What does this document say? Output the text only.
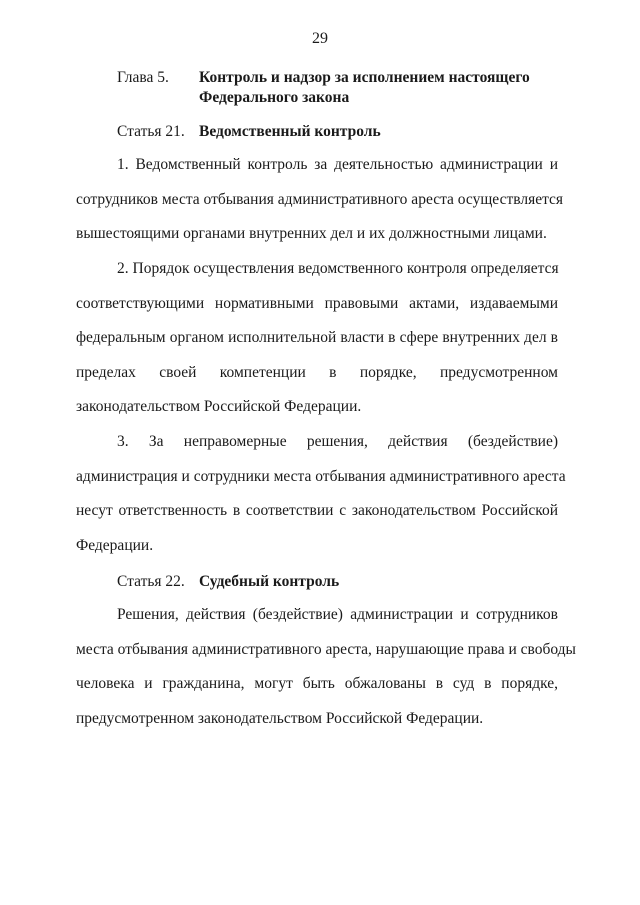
29
Глава 5. Контроль и надзор за исполнением настоящего Федерального закона
Статья 21. Ведомственный контроль
1. Ведомственный контроль за деятельностью администрации и
сотрудников места отбывания административного ареста осуществляется
вышестоящими органами внутренних дел и их должностными лицами.
2. Порядок осуществления ведомственного контроля определяется
соответствующими нормативными правовыми актами, издаваемыми
федеральным органом исполнительной власти в сфере внутренних дел в
пределах своей компетенции в порядке, предусмотренном
законодательством Российской Федерации.
3. За неправомерные решения, действия (бездействие)
администрация и сотрудники места отбывания административного ареста
несут ответственность в соответствии с законодательством Российской
Федерации.
Статья 22. Судебный контроль
Решения, действия (бездействие) администрации и сотрудников
места отбывания административного ареста, нарушающие права и свободы
человека и гражданина, могут быть обжалованы в суд в порядке,
предусмотренном законодательством Российской Федерации.
